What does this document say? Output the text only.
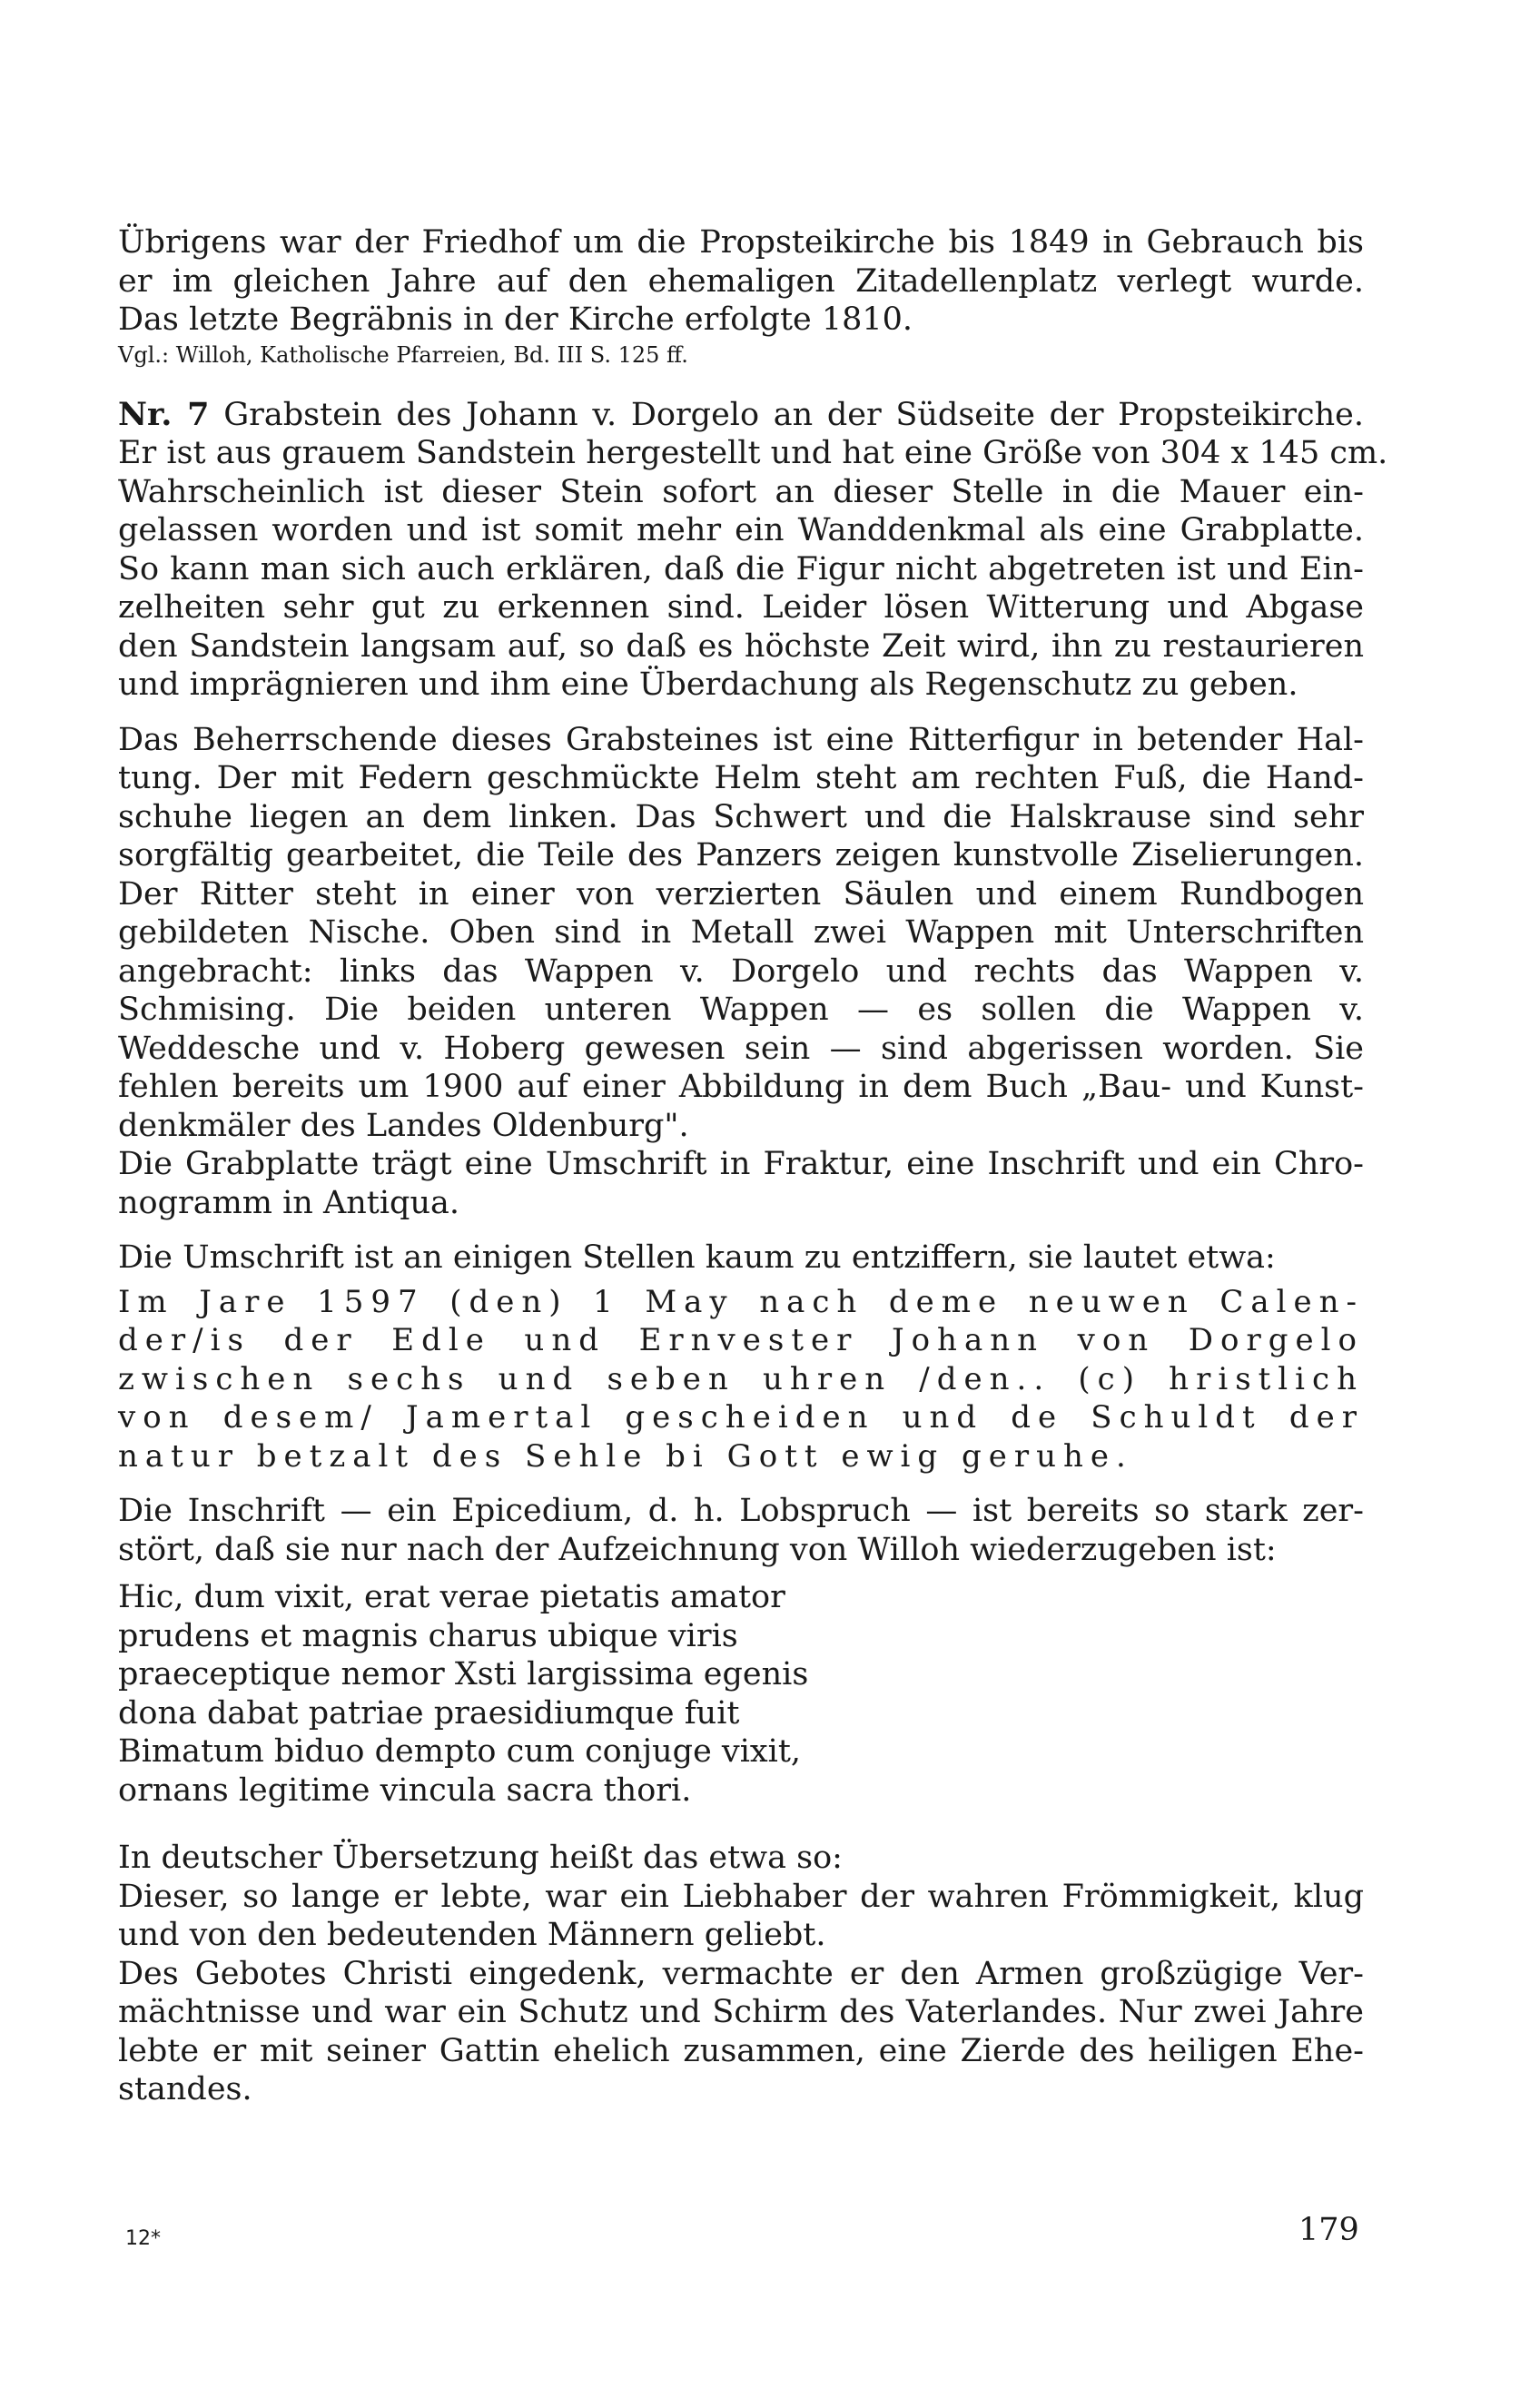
Übrigens war der Friedhof um die Propsteikirche bis 1849 in Gebrauch bis
er im gleichen Jahre auf den ehemaligen Zitadellenplatz verlegt wurde.
Das letzte Begräbnis in der Kirche erfolgte 1810.

Vgl.: Willoh, Katholische Pfarreien, Bd. III S. 125 ff.

Nr. 7 Grabstein des Johann v. Dorgelo an der Südseite der Propsteikirche.
Er ist aus grauem Sandstein hergestellt und hat eine Größe von 304 x 145 cm.
Wahrscheinlich ist dieser Stein sofort an dieser Stelle in die Mauer ein-
gelassen worden und ist somit mehr ein Wanddenkmal als eine Grabplatte.
So kann man sich auch erklären, daß die Figur nicht abgetreten ist und Ein-
zelheiten sehr gut zu erkennen sind. Leider lösen Witterung und Abgase
den Sandstein langsam auf, so daß es höchste Zeit wird, ihn zu restaurieren
und imprägnieren und ihm eine Überdachung als Regenschutz zu geben.

Das Beherrschende dieses Grabsteines ist eine Ritterfigur in betender Hal-
tung. Der mit Federn geschmückte Helm steht am rechten Fuß, die Hand-
schuhe liegen an dem linken. Das Schwert und die Halskrause sind sehr
sorgfältig gearbeitet, die Teile des Panzers zeigen kunstvolle Ziselierungen.
Der Ritter steht in einer von verzierten Säulen und einem Rundbogen
gebildeten Nische. Oben sind in Metall zwei Wappen mit Unterschriften
angebracht: links das Wappen v. Dorgelo und rechts das Wappen v.
Schmising. Die beiden unteren Wappen — es sollen die Wappen v.
Weddesche und v. Hoberg gewesen sein — sind abgerissen worden. Sie
fehlen bereits um 1900 auf einer Abbildung in dem Buch „Bau- und Kunst-
denkmäler des Landes Oldenburg".

Die Grabplatte trägt eine Umschrift in Fraktur, eine Inschrift und ein Chro-
nogramm in Antiqua.

Die Umschrift ist an einigen Stellen kaum zu entziffern, sie lautet etwa:

Im Jare 1597 (den) 1 May nach deme neuwen Calen-
der/is der Edle und Ernvester Johann von Dorgelo
zwischen sechs und seben uhren /den.. (c) hristlich
von desem/ Jamertal gescheiden und de Schuldt der
natur betzalt des Sehle bi Gott ewig geruhe.

Die Inschrift — ein Epicedium, d. h. Lobspruch — ist bereits so stark zer-
stört, daß sie nur nach der Aufzeichnung von Willoh wiederzugeben ist:

Hic, dum vixit, erat verae pietatis amator
prudens et magnis charus ubique viris
praeceptique nemor Xsti largissima egenis
dona dabat patriae praesidiumque fuit
Bimatum biduo dempto cum conjuge vixit,
ornans legitime vincula sacra thori.

In deutscher Übersetzung heißt das etwa so:

Dieser, so lange er lebte, war ein Liebhaber der wahren Frömmigkeit, klug
und von den bedeutenden Männern geliebt.

Des Gebotes Christi eingedenk, vermachte er den Armen großzügige Ver-
mächtnisse und war ein Schutz und Schirm des Vaterlandes. Nur zwei Jahre
lebte er mit seiner Gattin ehelich zusammen, eine Zierde des heiligen Ehe-
standes.

12*	179
